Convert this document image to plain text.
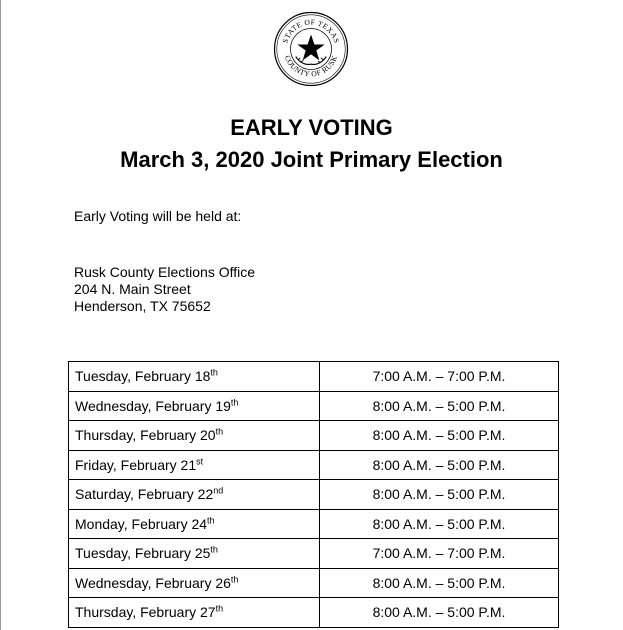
STATE OF TEXAS
COUNTY OF RUSK
EARLY VOTING
March 3, 2020 Joint Primary Election
Early Voting will be held at:
Rusk County Elections Office
204 N. Main Street
Henderson, TX 75652
Tuesday, February 18th	7:00 A.M. – 7:00 P.M.
Wednesday, February 19th	8:00 A.M. – 5:00 P.M.
Thursday, February 20th	8:00 A.M. – 5:00 P.M.
Friday, February 21st	8:00 A.M. – 5:00 P.M.
Saturday, February 22nd	8:00 A.M. – 5:00 P.M.
Monday, February 24th	8:00 A.M. – 5:00 P.M.
Tuesday, February 25th	7:00 A.M. – 7:00 P.M.
Wednesday, February 26th	8:00 A.M. – 5:00 P.M.
Thursday, February 27th	8:00 A.M. – 5:00 P.M.
